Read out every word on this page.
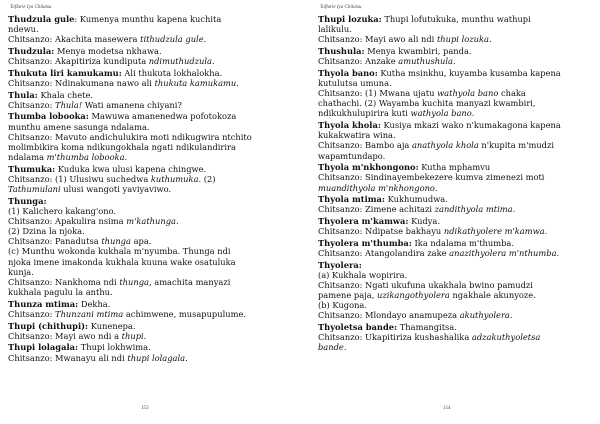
Toflarie Iya Chilatsu
Thudzula gule: Kumenya munthu kapena kuchita
ndewu.
Chitsanzo: Akachita masewera tithudzula gule.
Thudzula: Menya modetsa nkhawa.
Chitsanzo: Akapitiriza kundiputa ndimuthudzula.
Thukuta liri kamukamu: Ali thukuta lokhalokha.
Chitsanzo: Ndinakumana nawo ali thukuta kamukamu.
Thula: Khala chete.
Chitsanzo: Thula! Wati amanena chiyani?
Thumba lobooka: Mawuwa amanenedwa pofotokoza
munthu amene sasunga ndalama.
Chitsanzo: Mavuto andichulukira moti ndikugwira ntchito
molimbikira koma ndikungokhala ngati ndikulandirira
ndalama m'thumba lobooka.
Thumuka: Kuduka kwa ulusi kapena chingwe.
Chitsanzo: (1) Ulusiwu suchedwa kuthumuka. (2)
Tathumulani ulusi wangoti yaviyaviwo.
Thunga:
(1) Kalichero kakang'ono.
Chitsanzo: Apakulira nsima m'kathunga.
(2) Dzina la njoka.
Chitsanzo: Panadutsa thunga apa.
(c) Munthu wokonda kukhala m'nyumba. Thunga ndi
njoka imene imakonda kukhala kuuna wake osatuluka
kunja.
Chitsanzo: Nankhoma ndi thunga, amachita manyazi
kukhala pagulu la anthu.
Thunza mtima: Dekha.
Chitsanzo: Thunzani mtima achimwene, musapupulume.
Thupi (chithupi): Kunenepa.
Chitsanzo: Mayi awo ndi a thupi.
Thupi lolagala: Thupi lokhwima.
Chitsanzo: Mwanayu ali ndi thupi lolagala.
153
Toflarie Iya Chilatsu
Thupi lozuka: Thupi lofutukuka, munthu wathupi
lalikulu.
Chitsanzo: Mayi awo ali ndi thupi lozuka.
Thushula: Menya kwambiri, panda.
Chitsanzo: Anzake amuthushula.
Thyola bano: Kutha msinkhu, kuyamba kusamba kapena
kutulutsa umuna.
Chitsanzo: (1) Mwana ujatu wathyola bano chaka
chathachi. (2) Wayamba kuchita manyazi kwambiri,
ndikukhulupirira kuti wathyola bano.
Thyola khola: Kusiya mkazi wako n'kumakagona kapena
kukakwatira wina.
Chitsanzo: Bambo aja anathyola khola n'kupita m'mudzi
wapamtundapo.
Thyola m'nkhongono: Kutha mphamvu
Chitsanzo: Sindinayembekezere kumva zimenezi moti
muandithyola m'nkhongono.
Thyola mtima: Kukhumudwa.
Chitsanzo: Zimene achitazi zandithyola mtima.
Thyolera m'kamwa: Kudya.
Chitsanzo: Ndipatse bakhayu ndikathyolere m'kamwa.
Thyolera m'thumba: Ika ndalama m'thumba.
Chitsanzo: Atangolandira zake anazithyolera m'nthumba.
Thyolera:
(a) Kukhala wopirira.
Chitsanzo: Ngati ukufuna ukakhala bwino pamudzi
pamene paja, uzikangothyolera ngakhale akunyoze.
(b) Kugona.
Chitsanzo: Mlondayo anamupeza akuthyolera.
Thyoletsa bande: Thamangitsa.
Chitsanzo: Ukapitiriza kushashalika adzakuthyoletsa
bande.
154
